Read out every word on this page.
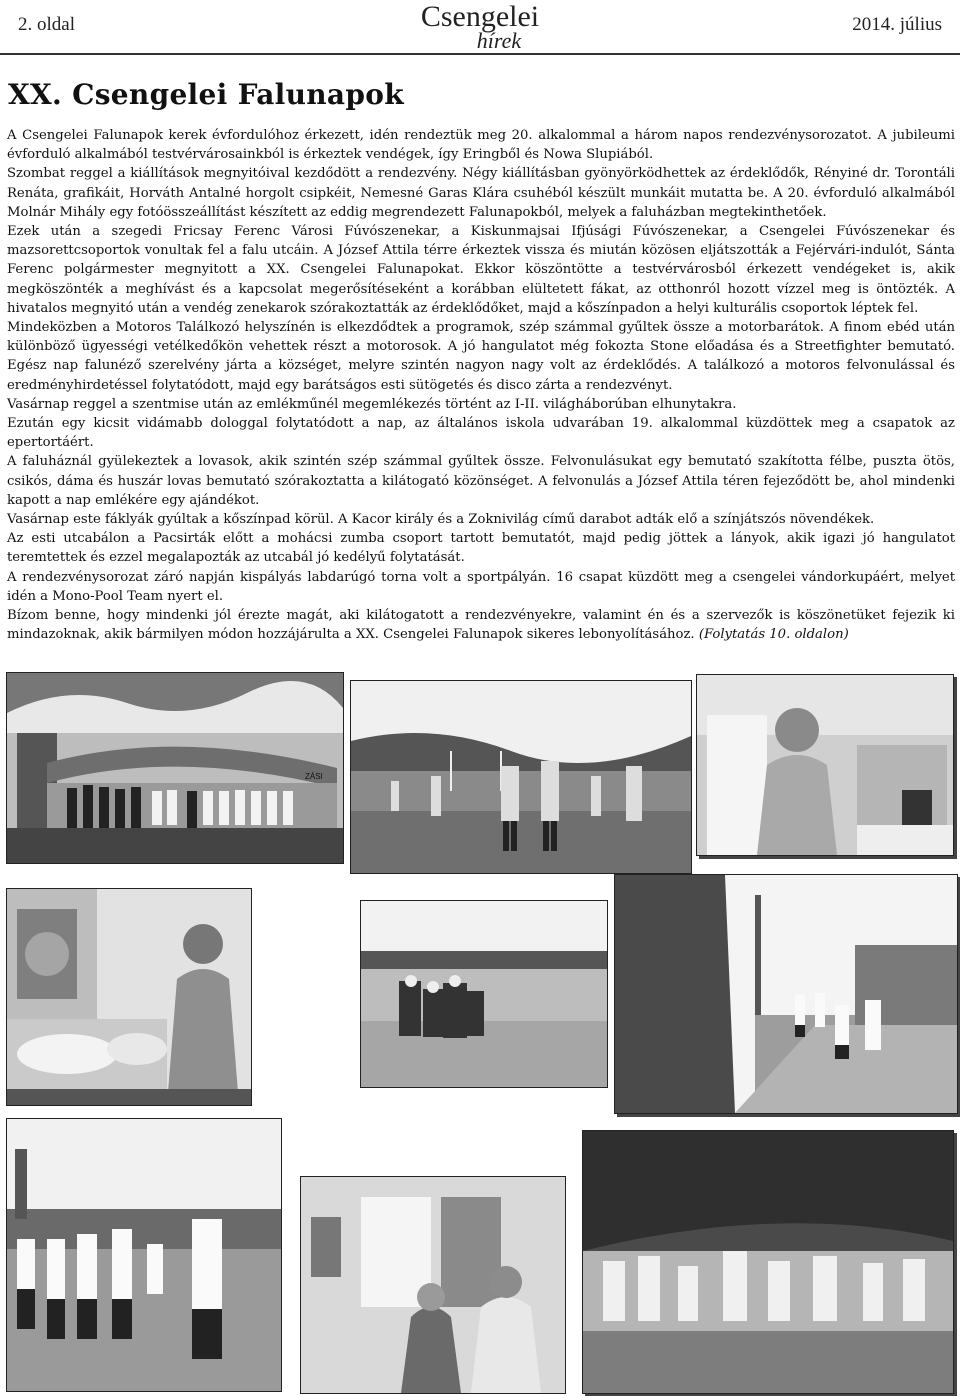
2. oldal	Csengelei
hírek
2014. július
XX. Csengelei Falunapok

A Csengelei Falunapok kerek évfordulóhoz érkezett, idén rendeztük meg 20. alkalommal a három napos rendezvénysorozatot. A jubileumi évforduló alkalmából testvérvárosainkból is érkeztek vendégek, így Eringből és Nowa Slupiából.

Szombat reggel a kiállítások megnyitóival kezdődött a rendezvény. Négy kiállításban gyönyörködhettek az érdeklődők, Rényiné dr. Torontáli Renáta, grafikáit, Horváth Antalné horgolt csipkéit, Nemesné Garas Klára csuhéból készült munkáit mutatta be. A 20. évforduló alkalmából Molnár Mihály egy fotóösszeállítást készített az eddig megrendezett Falunapokból, melyek a faluházban megtekinthetőek.

Ezek után a szegedi Fricsay Ferenc Városi Fúvószenekar, a Kiskunmajsai Ifjúsági Fúvószenekar, a Csengelei Fúvószenekar és mazsorettcsoportok vonultak fel a falu utcáin. A József Attila térre érkeztek vissza és miután közösen eljátszották a Fejérvári-indulót, Sánta Ferenc polgármester megnyitott a XX. Csengelei Falunapokat. Ekkor köszöntötte a testvérvárosból érkezett vendégeket is, akik megköszönték a meghívást és a kapcsolat megerősítéseként a korábban elültetett fákat, az otthonról hozott vízzel meg is öntözték. A hivatalos megnyitó után a vendég zenekarok szórakoztatták az érdeklődőket, majd a kőszínpadon a helyi kulturális csoportok léptek fel.

Mindeközben a Motoros Találkozó helyszínén is elkezdődtek a programok, szép számmal gyűltek össze a motorbarátok. A finom ebéd után különböző ügyességi vetélkedőkön vehettek részt a motorosok. A jó hangulatot még fokozta Stone előadása és a Streetfighter bemutató. Egész nap falunéző szerelvény járta a községet, melyre szintén nagyon nagy volt az érdeklődés. A találkozó a motoros felvonulással és eredményhirdetéssel folytatódott, majd egy barátságos esti sütögetés és disco zárta a rendezvényt.

Vasárnap reggel a szentmise után az emlékműnél megemlékezés történt az I-II. világháborúban elhunytakra.

Ezután egy kicsit vidámabb dologgal folytatódott a nap, az általános iskola udvarában 19. alkalommal küzdöttek meg a csapatok az epertortáért.

A faluháznál gyülekeztek a lovasok, akik szintén szép számmal gyűltek össze. Felvonulásukat egy bemutató szakította félbe, puszta ötös, csikós, dáma és huszár lovas bemutató szórakoztatta a kilátogató közönséget. A felvonulás a József Attila téren fejeződött be, ahol mindenki kapott a nap emlékére egy ajándékot.

Vasárnap este fáklyák gyúltak a kőszínpad körül. A Kacor király és a Zoknivilág című darabot adták elő a színjátszós növendékek.

Az esti utcabálon a Pacsirták előtt a mohácsi zumba csoport tartott bemutatót, majd pedig jöttek a lányok, akik igazi jó hangulatot teremtettek és ezzel megalapozták az utcabál jó kedélyű folytatását.

A rendezvénysorozat záró napján kispályás labdarúgó torna volt a sportpályán. 16 csapat küzdött meg a csengelei vándorkupáért, melyet idén a Mono-Pool Team nyert el.

Bízom benne, hogy mindenki jól érezte magát, aki kilátogatott a rendezvényekre, valamint én és a szervezők is köszönetüket fejezik ki mindazoknak, akik bármilyen módon hozzájárulta a XX. Csengelei Falunapok sikeres lebonyolításához. (Folytatás 10. oldalon)

ZÁSI
